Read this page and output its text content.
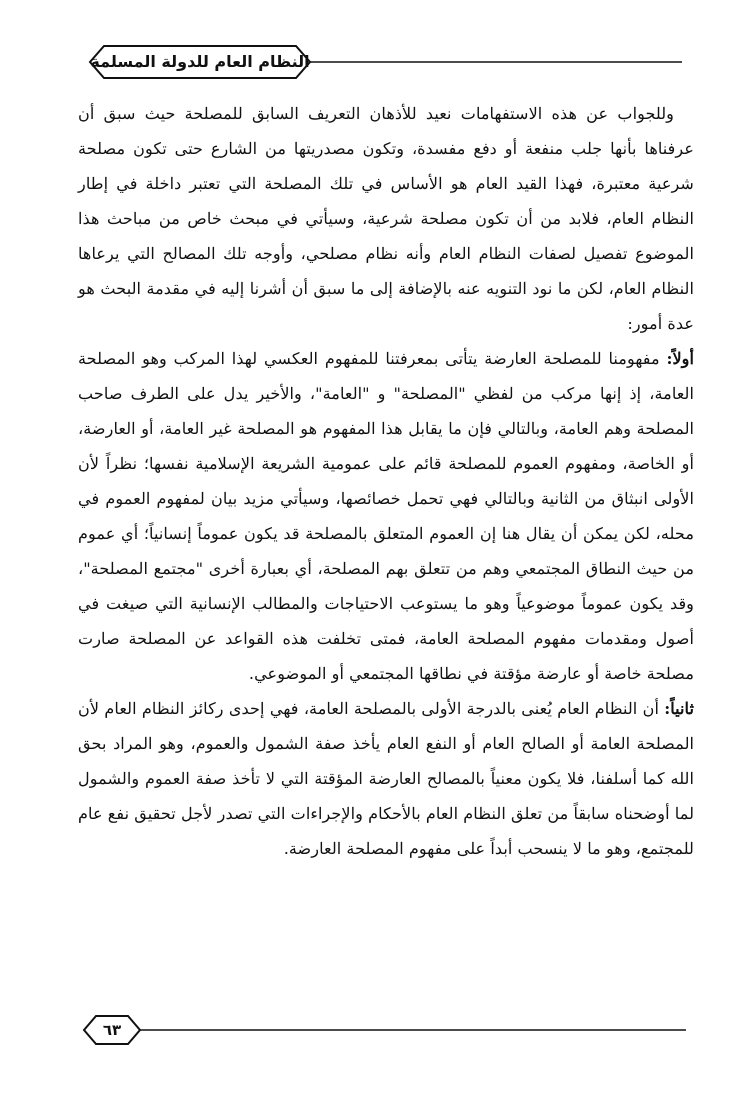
النظام العام للدولة المسلمة

وللجواب عن هذه الاستفهامات نعيد للأذهان التعريف السابق للمصلحة حيث سبق أن عرفناها بأنها جلب منفعة أو دفع مفسدة، وتكون مصدريتها من الشارع حتى تكون مصلحة شرعية معتبرة، فهذا القيد العام هو الأساس في تلك المصلحة التي تعتبر داخلة في إطار النظام العام، فلابد من أن تكون مصلحة شرعية، وسيأتي في مبحث خاص من مباحث هذا الموضوع تفصيل لصفات النظام العام وأنه نظام مصلحي، وأوجه تلك المصالح التي يرعاها النظام العام، لكن ما نود التنويه عنه بالإضافة إلى ما سبق أن أشرنا إليه في مقدمة البحث هو عدة أمور:

أولاً: مفهومنا للمصلحة العارضة يتأتى بمعرفتنا للمفهوم العكسي لهذا المركب وهو المصلحة العامة، إذ إنها مركب من لفظي "المصلحة" و "العامة"، والأخير يدل على الطرف صاحب المصلحة وهم العامة، وبالتالي فإن ما يقابل هذا المفهوم هو المصلحة غير العامة، أو العارضة، أو الخاصة، ومفهوم العموم للمصلحة قائم على عمومية الشريعة الإسلامية نفسها؛ نظراً لأن الأولى انبثاق من الثانية وبالتالي فهي تحمل خصائصها، وسيأتي مزيد بيان لمفهوم العموم في محله، لكن يمكن أن يقال هنا إن العموم المتعلق بالمصلحة قد يكون عموماً إنسانياً؛ أي عموم من حيث النطاق المجتمعي وهم من تتعلق بهم المصلحة، أي بعبارة أخرى "مجتمع المصلحة"، وقد يكون عموماً موضوعياً وهو ما يستوعب الاحتياجات والمطالب الإنسانية التي صيغت في أصول ومقدمات مفهوم المصلحة العامة، فمتى تخلفت هذه القواعد عن المصلحة صارت مصلحة خاصة أو عارضة مؤقتة في نطاقها المجتمعي أو الموضوعي.

ثانياً: أن النظام العام يُعنى بالدرجة الأولى بالمصلحة العامة، فهي إحدى ركائز النظام العام لأن المصلحة العامة أو الصالح العام أو النفع العام يأخذ صفة الشمول والعموم، وهو المراد بحق الله كما أسلفنا، فلا يكون معنياً بالمصالح العارضة المؤقتة التي لا تأخذ صفة العموم والشمول لما أوضحناه سابقاً من تعلق النظام العام بالأحكام والإجراءات التي تصدر لأجل تحقيق نفع عام للمجتمع، وهو ما لا ينسحب أبداً على مفهوم المصلحة العارضة.

٦٣
